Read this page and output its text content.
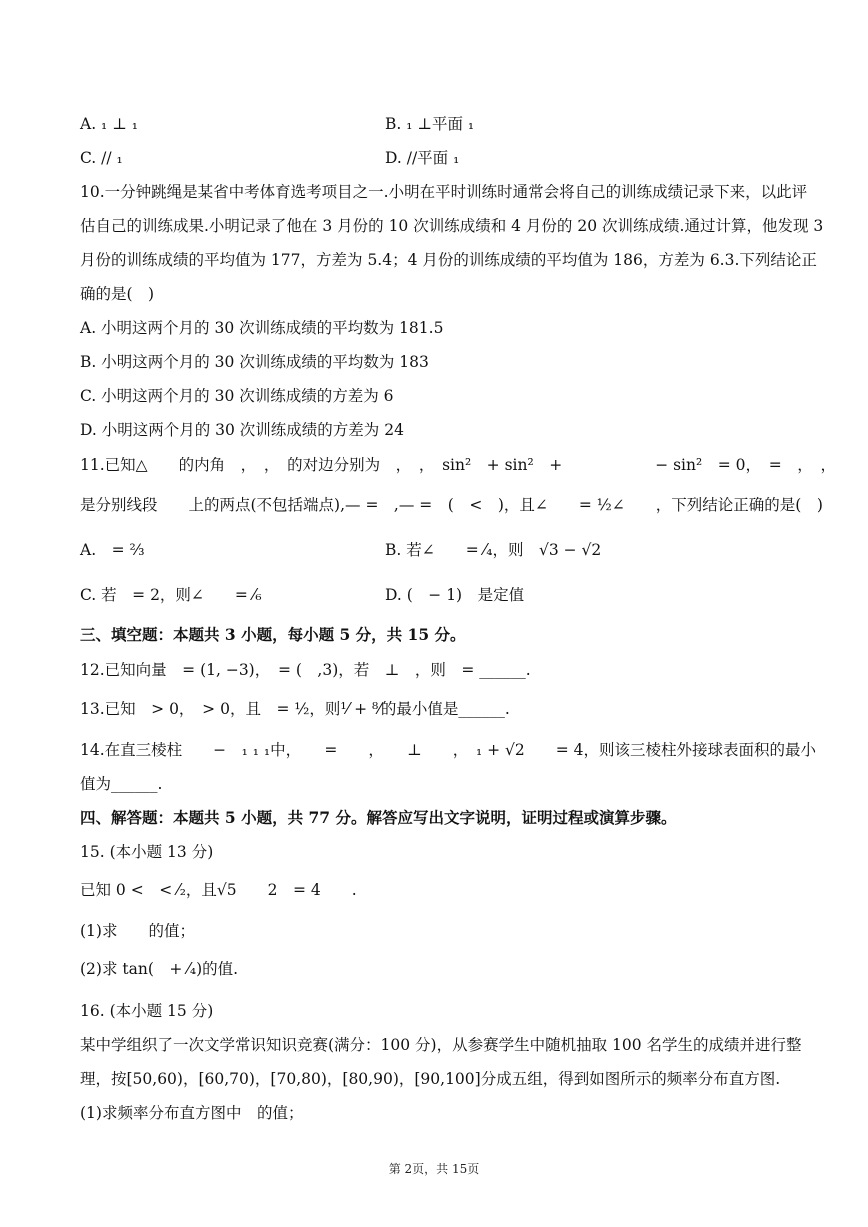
A. ₁ ⊥ ₁	B. ₁ ⊥平面 ₁
C. // ₁	D. //平面 ₁
10.一分钟跳绳是某省中考体育选考项目之一.小明在平时训练时通常会将自己的训练成绩记录下来，以此评
估自己的训练成果.小明记录了他在 3 月份的 10 次训练成绩和 4 月份的 20 次训练成绩.通过计算，他发现 3
月份的训练成绩的平均值为 177，方差为 5.4；4 月份的训练成绩的平均值为 186，方差为 6.3.下列结论正
确的是(　)
A. 小明这两个月的 30 次训练成绩的平均数为 181.5
B. 小明这两个月的 30 次训练成绩的平均数为 183
C. 小明这两个月的 30 次训练成绩的方差为 6
D. 小明这两个月的 30 次训练成绩的方差为 24
11.已知△　　的内角　，　，　的对边分别为　，　，　sin²　+ sin²　+　　　　　　− sin²　= 0，　=　，　，
是分别线段　　上的两点(不包括端点),— =　,— =　(　<　)，且∠　　= ½∠　　，下列结论正确的是(　)
A.　= ⅔	B. 若∠　　= ⁄₄，则　√3 − √2
C. 若　= 2，则∠　　= ⁄₆	D. (　− 1)　是定值
三、填空题：本题共 3 小题，每小题 5 分，共 15 分。
12.已知向量　= (1, −3)，　= (　,3)，若　⊥　，则　= ______.
13.已知　> 0，　> 0，且　= ½，则¹⁄ + ⁸⁄的最小值是______.
14.在直三棱柱　　−　₁ ₁ ₁中，　　=　　，　　⊥　　，　₁ + √2　　= 4，则该三棱柱外接球表面积的最小
值为______.
四、解答题：本题共 5 小题，共 77 分。解答应写出文字说明，证明过程或演算步骤。
15. (本小题 13 分)
已知 0 <　< ⁄₂，且√5　　2　= 4　　.
(1)求　　的值；
(2)求 tan(　+ ⁄₄)的值.
16. (本小题 15 分)
某中学组织了一次文学常识知识竞赛(满分：100 分)，从参赛学生中随机抽取 100 名学生的成绩并进行整
理，按[50,60)，[60,70)，[70,80)，[80,90)，[90,100]分成五组，得到如图所示的频率分布直方图.
(1)求频率分布直方图中　的值；
第 2页，共 15页
